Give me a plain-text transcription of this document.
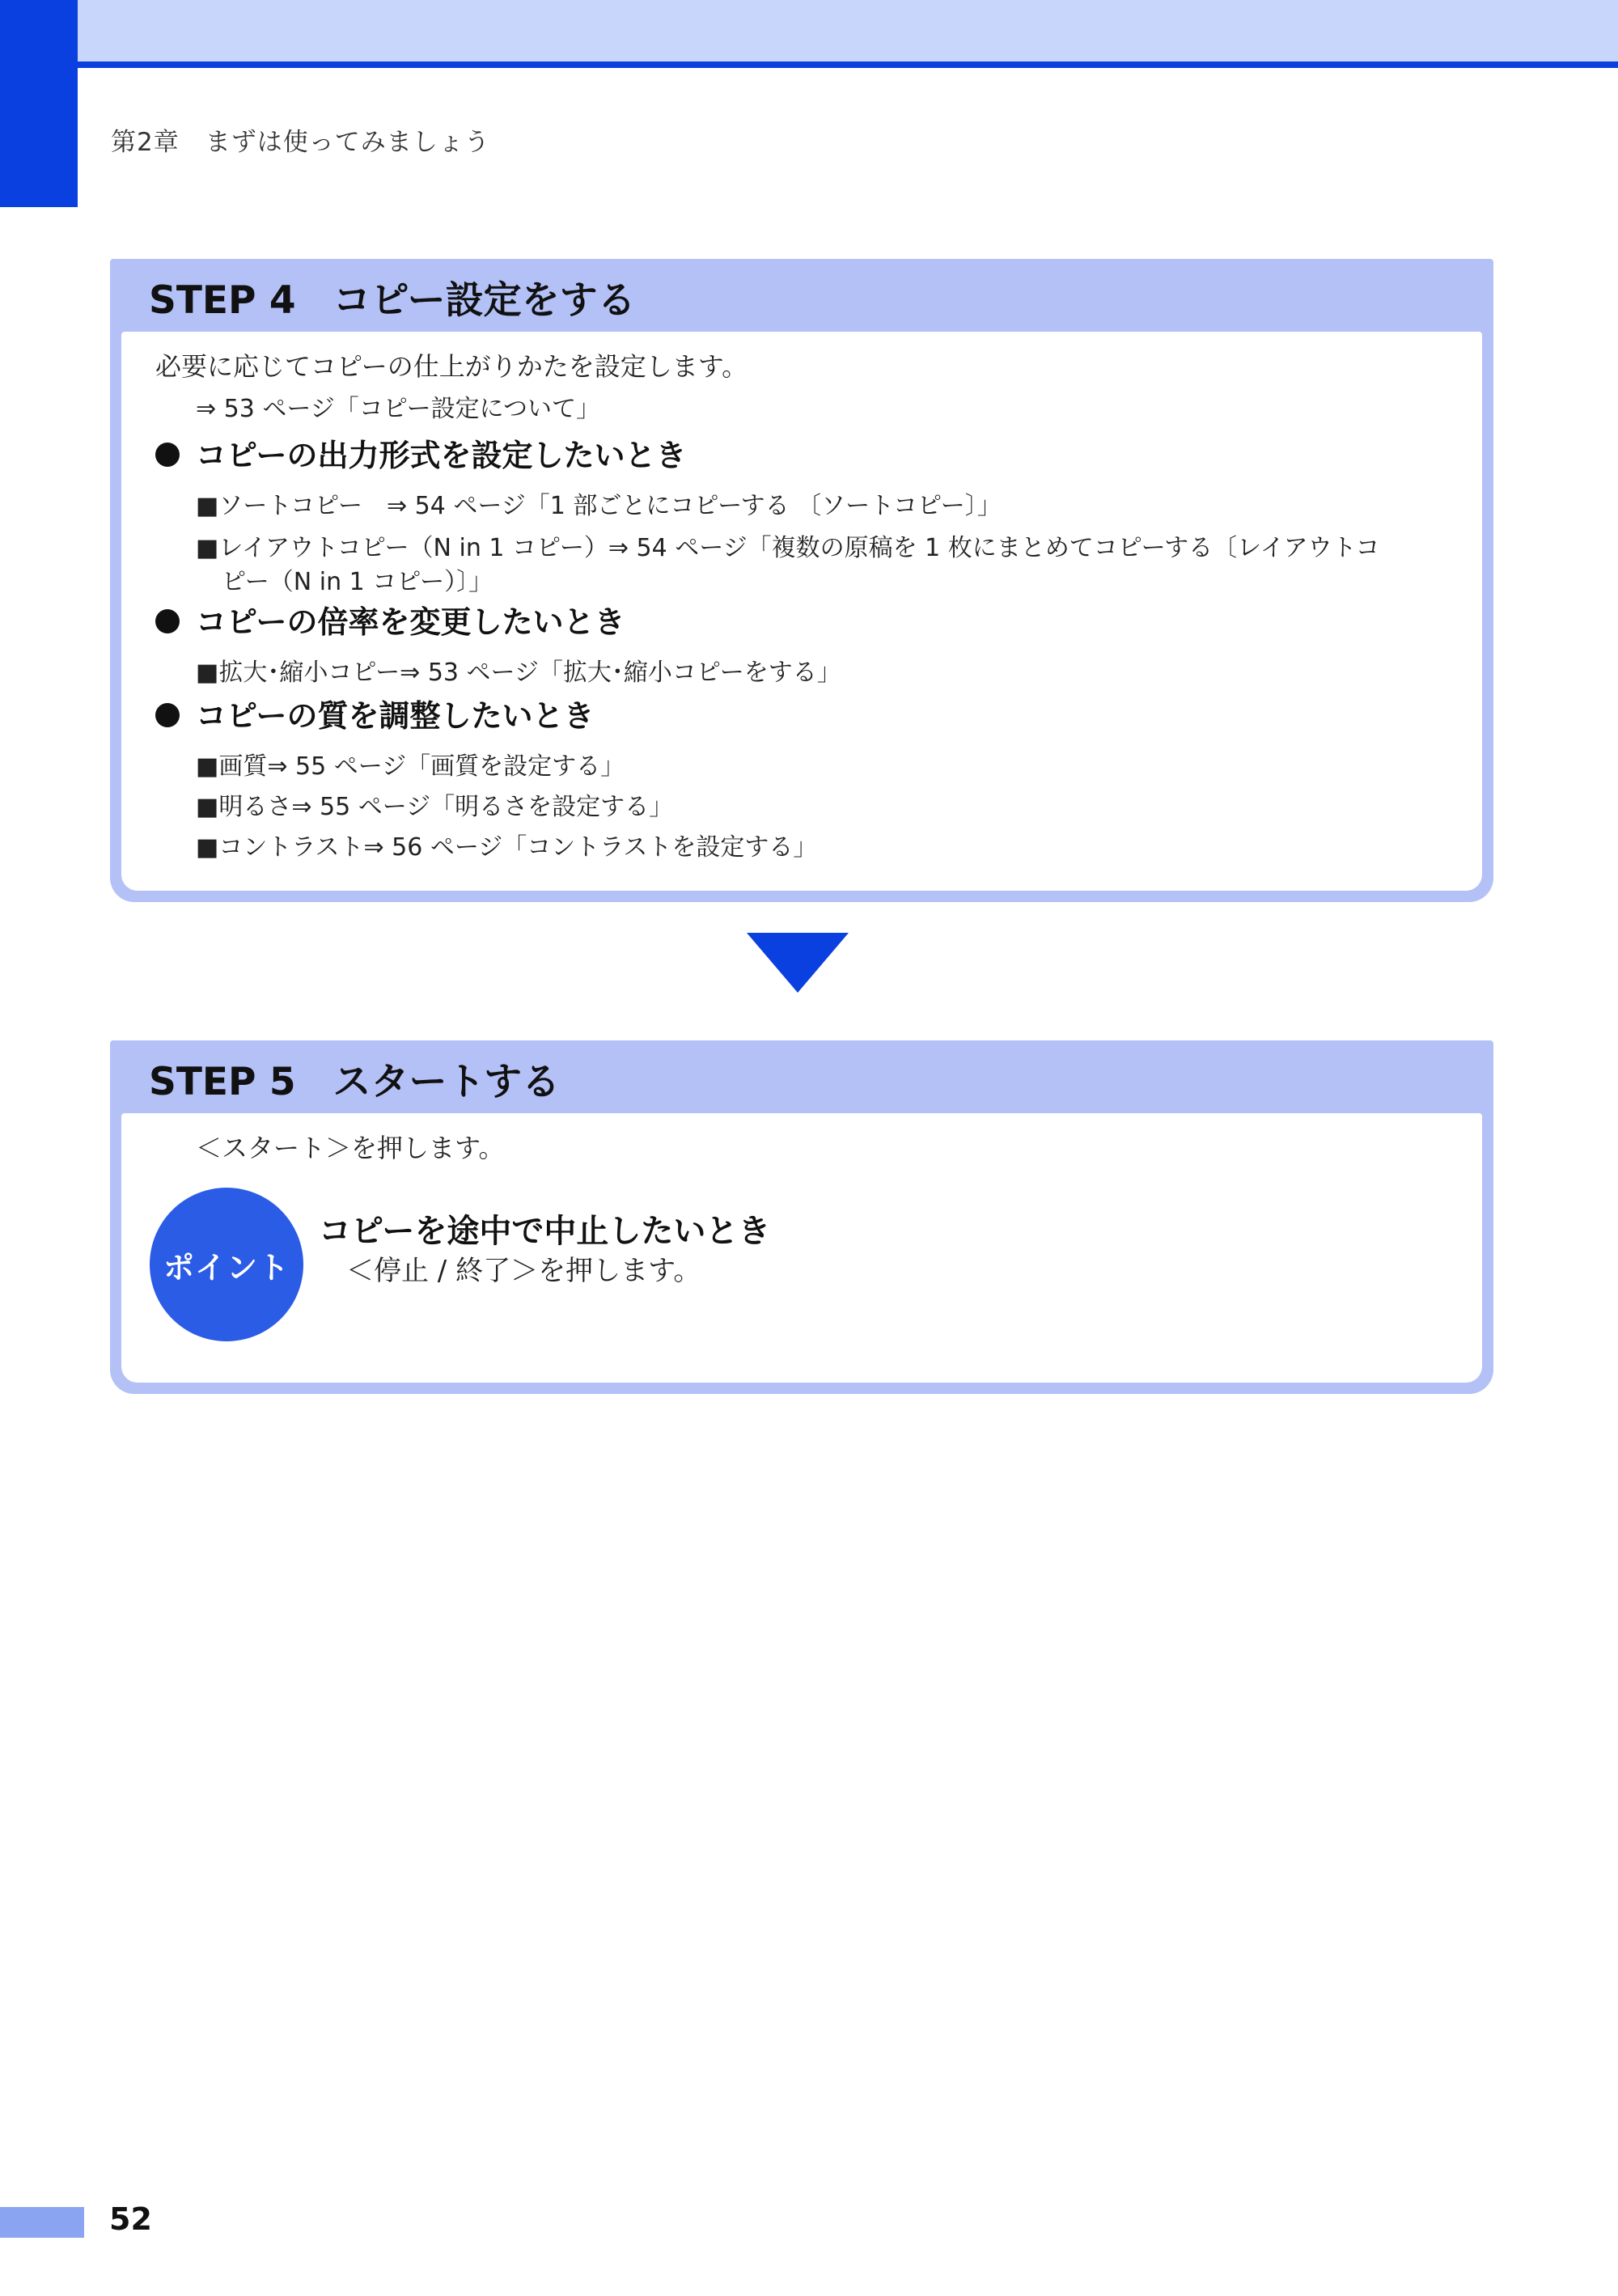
第2章　まずは使ってみましょう
STEP 4 コピー設定をする
必要に応じてコピーの仕上がりかたを設定します。
⇒ 53 ページ「コピー設定について」
コピーの出力形式を設定したいとき
■ソートコピー　⇒ 54 ページ「1 部ごとにコピーする 〔ソートコピー〕」
■レイアウトコピー（N in 1 コピー）⇒ 54 ページ「複数の原稿を 1 枚にまとめてコピーする〔レイアウトコ
ピー（N in 1 コピー）〕」
コピーの倍率を変更したいとき
■拡大･縮小コピー⇒ 53 ページ「拡大･縮小コピーをする」
コピーの質を調整したいとき
■画質⇒ 55 ページ「画質を設定する」
■明るさ⇒ 55 ページ「明るさを設定する」
■コントラスト⇒ 56 ページ「コントラストを設定する」
STEP 5 スタートする
＜スタート＞を押します。
ポイント
コピーを途中で中止したいとき
＜停止 / 終了＞を押します。
52
